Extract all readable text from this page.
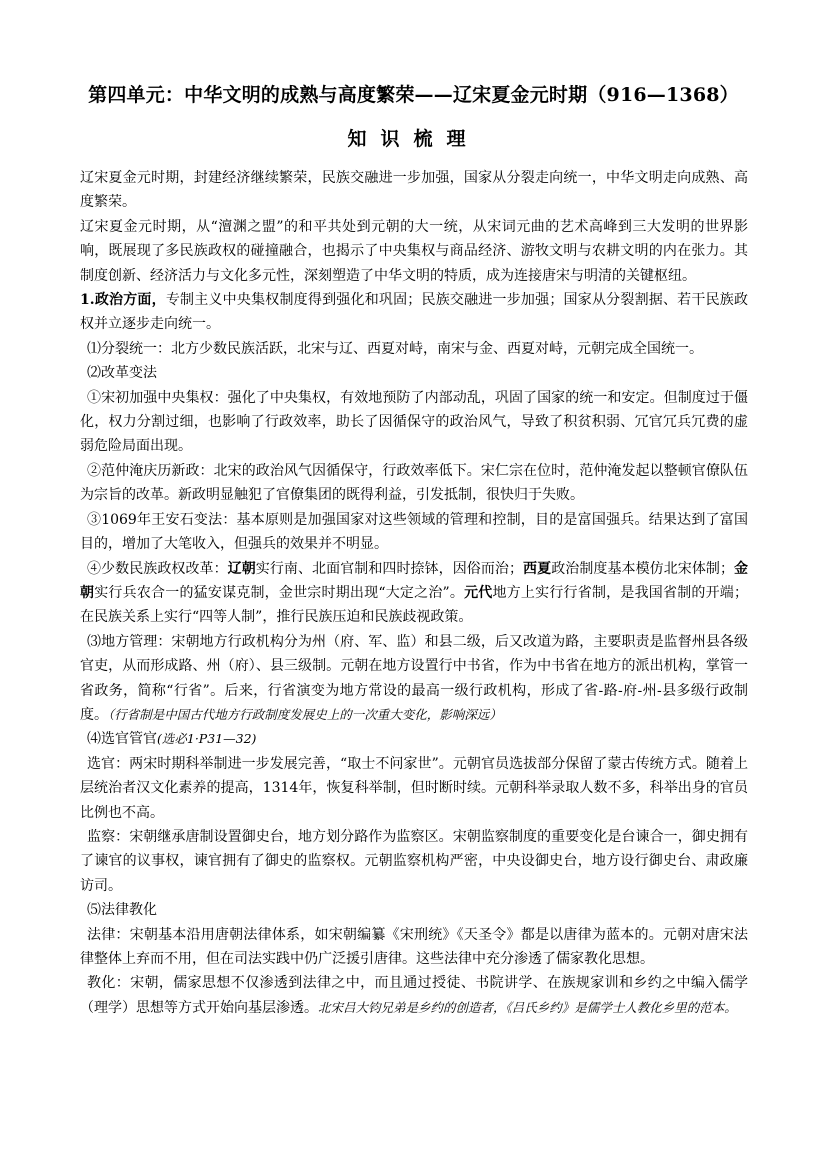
第四单元：中华文明的成熟与高度繁荣——辽宋夏金元时期（916—1368）
知识梳理

辽宋夏金元时期，封建经济继续繁荣，民族交融进一步加强，国家从分裂走向统一，中华文明走向成熟、高度繁荣。

辽宋夏金元时期，从“澶渊之盟”的和平共处到元朝的大一统，从宋词元曲的艺术高峰到三大发明的世界影响，既展现了多民族政权的碰撞融合，也揭示了中央集权与商品经济、游牧文明与农耕文明的内在张力。其制度创新、经济活力与文化多元性，深刻塑造了中华文明的特质，成为连接唐宋与明清的关键枢纽。

1.政治方面，专制主义中央集权制度得到强化和巩固；民族交融进一步加强；国家从分裂割据、若干民族政权并立逐步走向统一。

⑴分裂统一：北方少数民族活跃，北宋与辽、西夏对峙，南宋与金、西夏对峙，元朝完成全国统一。

⑵改革变法

①宋初加强中央集权：强化了中央集权，有效地预防了内部动乱，巩固了国家的统一和安定。但制度过于僵化，权力分割过细，也影响了行政效率，助长了因循保守的政治风气，导致了积贫积弱、冗官冗兵冗费的虚弱危险局面出现。

②范仲淹庆历新政：北宋的政治风气因循保守，行政效率低下。宋仁宗在位时，范仲淹发起以整顿官僚队伍为宗旨的改革。新政明显触犯了官僚集团的既得利益，引发抵制，很快归于失败。

③1069年王安石变法：基本原则是加强国家对这些领域的管理和控制，目的是富国强兵。结果达到了富国目的，增加了大笔收入，但强兵的效果并不明显。

④少数民族政权改革：辽朝实行南、北面官制和四时捺钵，因俗而治；西夏政治制度基本模仿北宋体制；金朝实行兵农合一的猛安谋克制，金世宗时期出现“大定之治”。元代地方上实行行省制，是我国省制的开端；在民族关系上实行“四等人制”，推行民族压迫和民族歧视政策。

⑶地方管理：宋朝地方行政机构分为州（府、军、监）和县二级，后又改道为路，主要职责是监督州县各级官吏，从而形成路、州（府）、县三级制。元朝在地方设置行中书省，作为中书省在地方的派出机构，掌管一省政务，简称“行省”。后来，行省演变为地方常设的最高一级行政机构，形成了省-路-府-州-县多级行政制度。（行省制是中国古代地方行政制度发展史上的一次重大变化，影响深远）

⑷选官管官(选必1·P31—32)

选官：两宋时期科举制进一步发展完善，“取士不问家世”。元朝官员选拔部分保留了蒙古传统方式。随着上层统治者汉文化素养的提高，1314年，恢复科举制，但时断时续。元朝科举录取人数不多，科举出身的官员比例也不高。

监察：宋朝继承唐制设置御史台，地方划分路作为监察区。宋朝监察制度的重要变化是台谏合一，御史拥有了谏官的议事权，谏官拥有了御史的监察权。元朝监察机构严密，中央设御史台，地方设行御史台、肃政廉访司。

⑸法律教化

法律：宋朝基本沿用唐朝法律体系，如宋朝编纂《宋刑统》《天圣令》都是以唐律为蓝本的。元朝对唐宋法律整体上弃而不用，但在司法实践中仍广泛援引唐律。这些法律中充分渗透了儒家教化思想。

教化：宋朝，儒家思想不仅渗透到法律之中，而且通过授徒、书院讲学、在族规家训和乡约之中编入儒学（理学）思想等方式开始向基层渗透。北宋吕大钧兄弟是乡约的创造者，《吕氏乡约》是儒学士人教化乡里的范本。
